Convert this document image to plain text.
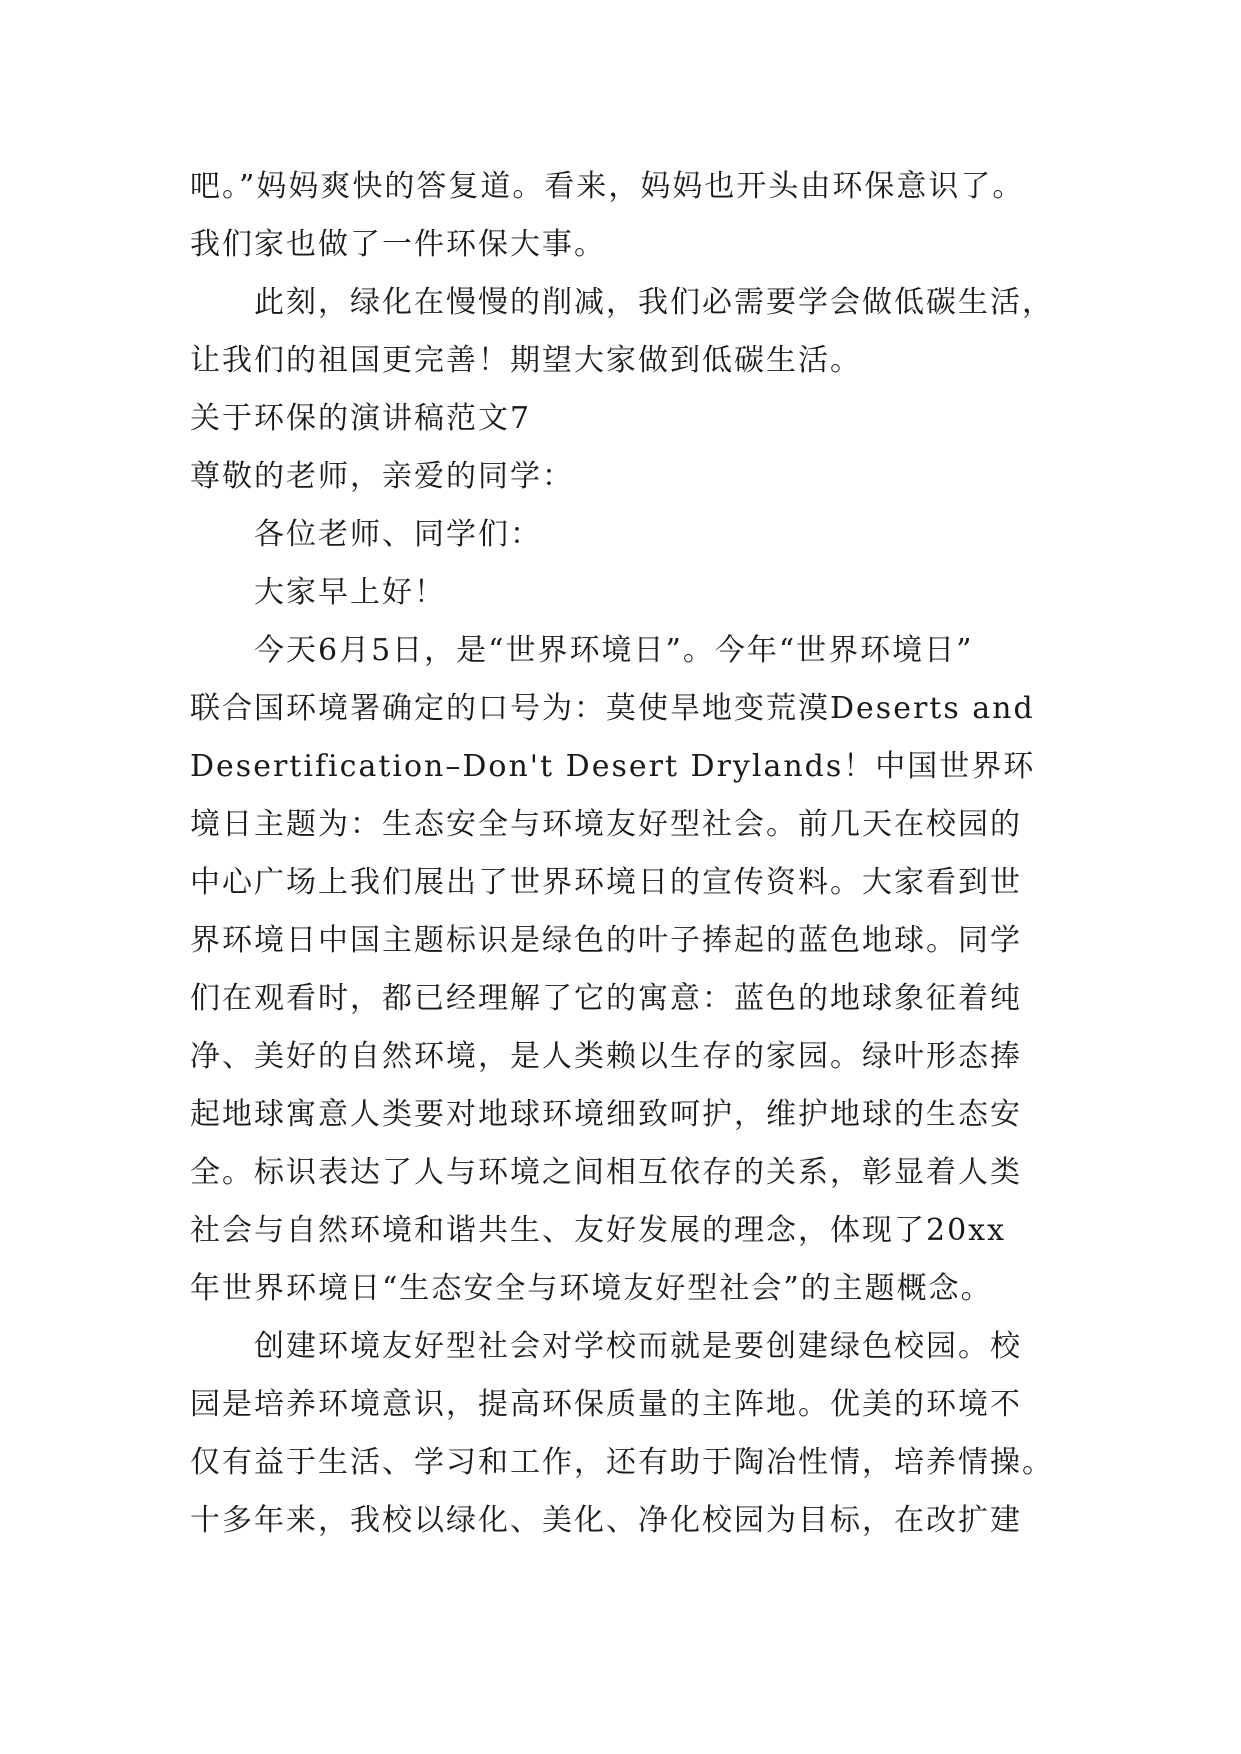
吧。”妈妈爽快的答复道。看来，妈妈也开头由环保意识了。
我们家也做了一件环保大事。
此刻，绿化在慢慢的削减，我们必需要学会做低碳生活，
让我们的祖国更完善！期望大家做到低碳生活。
关于环保的演讲稿范文7
尊敬的老师，亲爱的同学：
各位老师、同学们：
大家早上好！
今天6月5日，是“世界环境日”。今年“世界环境日”
联合国环境署确定的口号为：莫使旱地变荒漠Deserts and
Desertification–Don't Desert Drylands！中国世界环
境日主题为：生态安全与环境友好型社会。前几天在校园的
中心广场上我们展出了世界环境日的宣传资料。大家看到世
界环境日中国主题标识是绿色的叶子捧起的蓝色地球。同学
们在观看时，都已经理解了它的寓意：蓝色的地球象征着纯
净、美好的自然环境，是人类赖以生存的家园。绿叶形态捧
起地球寓意人类要对地球环境细致呵护，维护地球的生态安
全。标识表达了人与环境之间相互依存的关系，彰显着人类
社会与自然环境和谐共生、友好发展的理念，体现了20xx
年世界环境日“生态安全与环境友好型社会”的主题概念。
创建环境友好型社会对学校而就是要创建绿色校园。校
园是培养环境意识，提高环保质量的主阵地。优美的环境不
仅有益于生活、学习和工作，还有助于陶冶性情，培养情操。
十多年来，我校以绿化、美化、净化校园为目标，在改扩建
